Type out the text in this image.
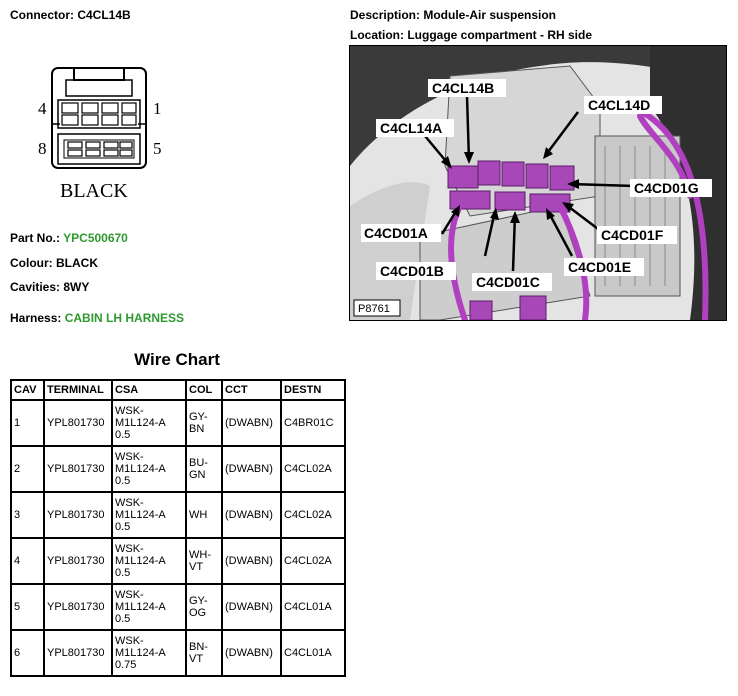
Connector: C4CL14B	Description: Module-Air suspension
Location: Luggage compartment - RH side
4	1
8	5
BLACK
Part No.: YPC500670
Colour: BLACK
Cavities: 8WY
Harness: CABIN LH HARNESS
C4CL14B
C4CL14D
C4CL14A
C4CD01G
C4CD01A	C4CD01F
C4CD01B	C4CD01E
C4CD01C
P8761
Wire Chart
CAV	TERMINAL	CSA	COL	CCT	DESTN
1	YPL801730	WSK-M1L124-A 0.5	GY-BN	(DWABN)	C4BR01C
2	YPL801730	WSK-M1L124-A 0.5	BU-GN	(DWABN)	C4CL02A
3	YPL801730	WSK-M1L124-A 0.5	WH	(DWABN)	C4CL02A
4	YPL801730	WSK-M1L124-A 0.5	WH-VT	(DWABN)	C4CL02A
5	YPL801730	WSK-M1L124-A 0.5	GY-OG	(DWABN)	C4CL01A
6	YPL801730	WSK-M1L124-A 0.75	BN-VT	(DWABN)	C4CL01A
